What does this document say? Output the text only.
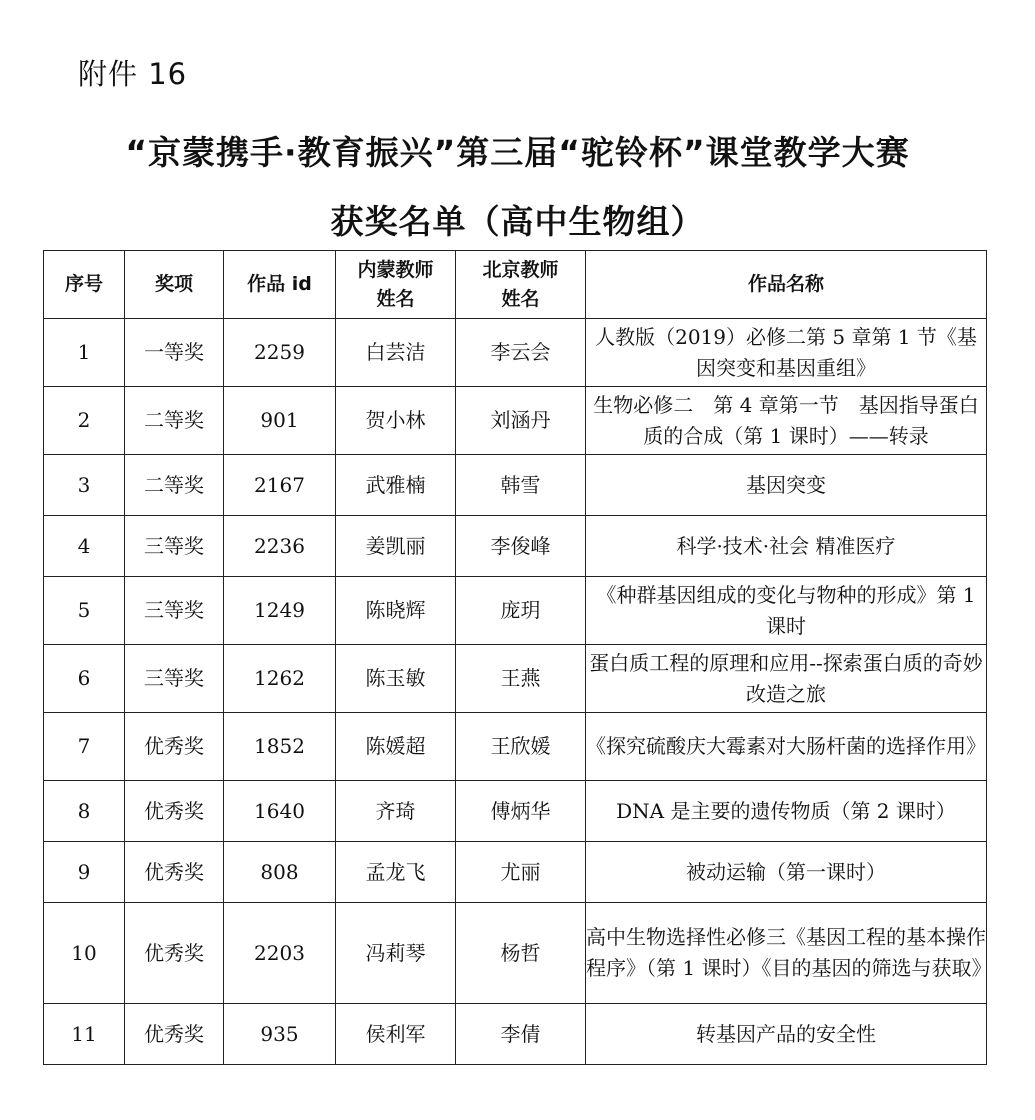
附件 16
“京蒙携手·教育振兴”第三届“驼铃杯”课堂教学大赛
获奖名单（高中生物组）
序号	奖项	作品 id	内蒙教师姓名	北京教师姓名	作品名称
1	一等奖	2259	白芸洁	李云会	人教版（2019）必修二第 5 章第 1 节《基因突变和基因重组》
2	二等奖	901	贺小林	刘涵丹	生物必修二　第 4 章第一节　基因指导蛋白质的合成（第 1 课时）——转录
3	二等奖	2167	武雅楠	韩雪	基因突变
4	三等奖	2236	姜凯丽	李俊峰	科学·技术·社会 精准医疗
5	三等奖	1249	陈晓辉	庞玥	《种群基因组成的变化与物种的形成》第 1 课时
6	三等奖	1262	陈玉敏	王燕	蛋白质工程的原理和应用--探索蛋白质的奇妙改造之旅
7	优秀奖	1852	陈媛超	王欣媛	《探究硫酸庆大霉素对大肠杆菌的选择作用》
8	优秀奖	1640	齐琦	傅炳华	DNA 是主要的遗传物质（第 2 课时）
9	优秀奖	808	孟龙飞	尤丽	被动运输（第一课时）
10	优秀奖	2203	冯莉琴	杨哲	高中生物选择性必修三《基因工程的基本操作程序》（第 1 课时）《目的基因的筛选与获取》
11	优秀奖	935	侯利军	李倩	转基因产品的安全性
